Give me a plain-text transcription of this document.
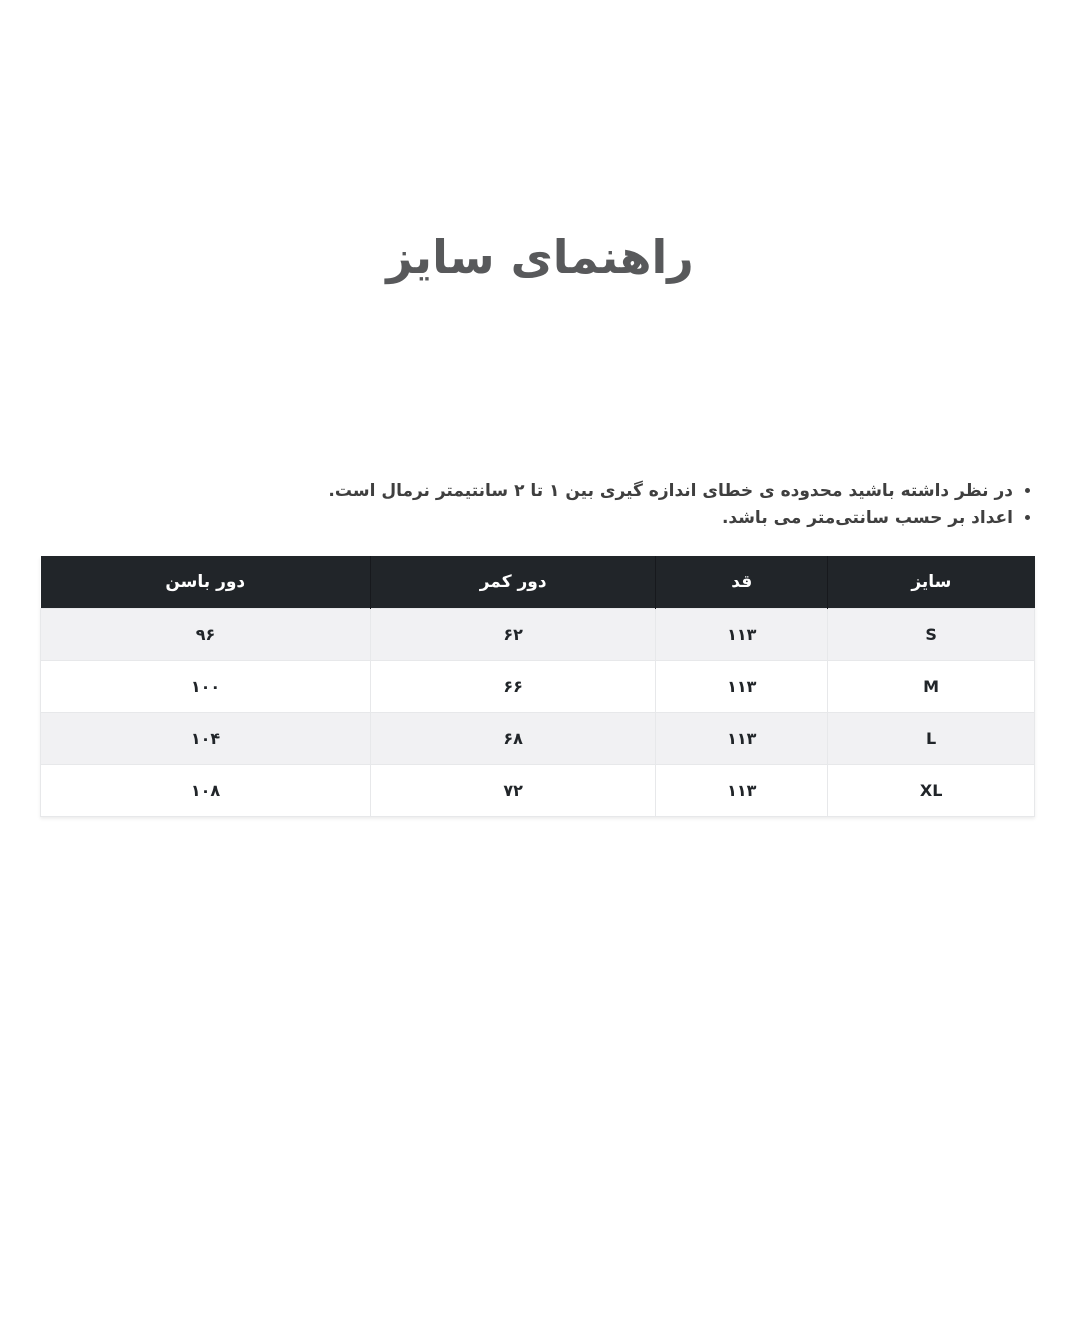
راهنمای سایز
• در نظر داشته باشید محدوده ی خطای اندازه گیری بین ۱ تا ۲ سانتیمتر نرمال است.
• اعداد بر حسب سانتی‌متر می باشد.
سایز	قد	دور کمر	دور باسن
S	۱۱۳	۶۲	۹۶
M	۱۱۳	۶۶	۱۰۰
L	۱۱۳	۶۸	۱۰۴
XL	۱۱۳	۷۲	۱۰۸
